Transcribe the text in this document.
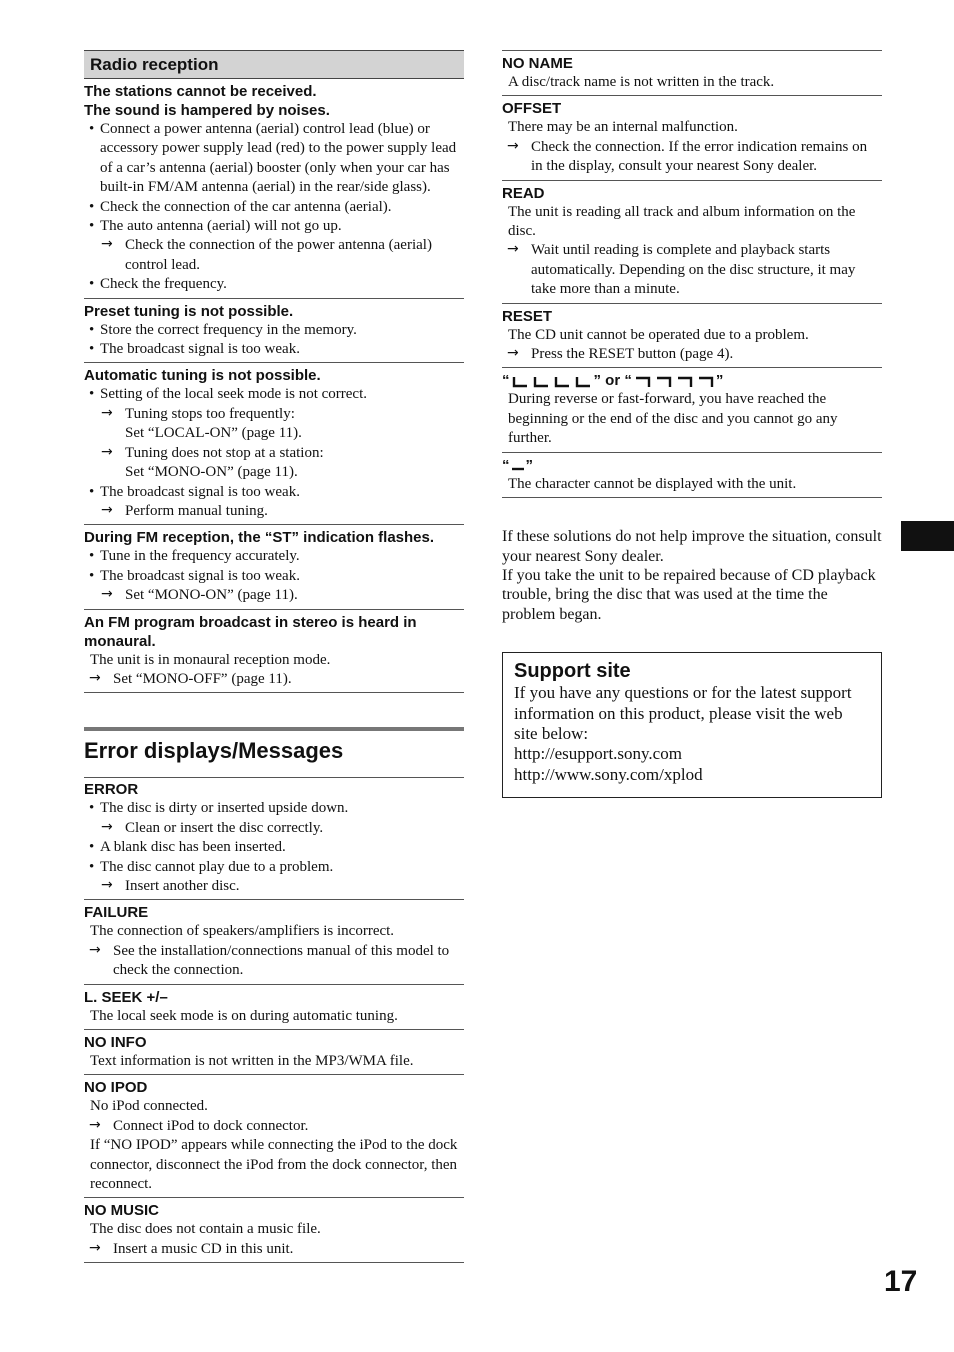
Radio reception
The stations cannot be received.
The sound is hampered by noises.
• Connect a power antenna (aerial) control lead (blue) or accessory power supply lead (red) to the power supply lead of a car’s antenna (aerial) booster (only when your car has built-in FM/AM antenna (aerial) in the rear/side glass).
• Check the connection of the car antenna (aerial).
• The auto antenna (aerial) will not go up.
→ Check the connection of the power antenna (aerial) control lead.
• Check the frequency.
Preset tuning is not possible.
• Store the correct frequency in the memory.
• The broadcast signal is too weak.
Automatic tuning is not possible.
• Setting of the local seek mode is not correct.
→ Tuning stops too frequently:
Set “LOCAL-ON” (page 11).
→ Tuning does not stop at a station:
Set “MONO-ON” (page 11).
• The broadcast signal is too weak.
→ Perform manual tuning.
During FM reception, the “ST” indication flashes.
• Tune in the frequency accurately.
• The broadcast signal is too weak.
→ Set “MONO-ON” (page 11).
An FM program broadcast in stereo is heard in monaural.
The unit is in monaural reception mode.
→ Set “MONO-OFF” (page 11).
Error displays/Messages
ERROR
• The disc is dirty or inserted upside down.
→ Clean or insert the disc correctly.
• A blank disc has been inserted.
• The disc cannot play due to a problem.
→ Insert another disc.
FAILURE
The connection of speakers/amplifiers is incorrect.
→ See the installation/connections manual of this model to check the connection.
L. SEEK +/–
The local seek mode is on during automatic tuning.
NO INFO
Text information is not written in the MP3/WMA file.
NO IPOD
No iPod connected.
→ Connect iPod to dock connector.
If “NO IPOD” appears while connecting the iPod to the dock connector, disconnect the iPod from the dock connector, then reconnect.
NO MUSIC
The disc does not contain a music file.
→ Insert a music CD in this unit.
NO NAME
A disc/track name is not written in the track.
OFFSET
There may be an internal malfunction.
→ Check the connection. If the error indication remains on in the display, consult your nearest Sony dealer.
READ
The unit is reading all track and album information on the disc.
→ Wait until reading is complete and playback starts automatically. Depending on the disc structure, it may take more than a minute.
RESET
The CD unit cannot be operated due to a problem.
→ Press the RESET button (page 4).
“	” or “	”
During reverse or fast-forward, you have reached the beginning or the end of the disc and you cannot go any further.
“ ”
The character cannot be displayed with the unit.
If these solutions do not help improve the situation, consult your nearest Sony dealer.
If you take the unit to be repaired because of CD playback trouble, bring the disc that was used at the time the problem began.
Support site
If you have any questions or for the latest support information on this product, please visit the web site below:
http://esupport.sony.com
http://www.sony.com/xplod
17
